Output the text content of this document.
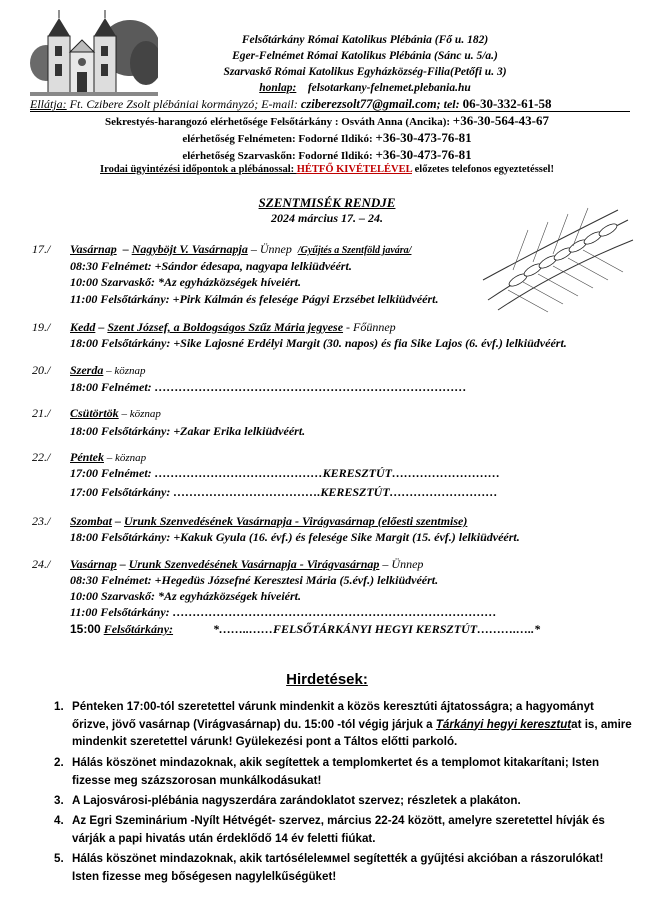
Felsőtárkány Római Katolikus Plébánia (Fő u. 182)
Eger-Felnémet Római Katolikus Plébánia (Sánc u. 5/a.)
Szarvaskő Római Katolikus Egyházközség-Filia(Petőfi u. 3)
honlap: felsotarkany-felnemet.plebania.hu
Ellátja: Ft. Czibere Zsolt plébániai kormányzó; E-mail: cziberezsolt77@gmail.com; tel: 06-30-332-61-58
Sekrestyés-harangozó elérhetősége Felsőtárkány : Osváth Anna (Ancika): +36-30-564-43-67
elérhetőség Felnémeten: Fodorné Ildikó: +36-30-473-76-81
elérhetőség Szarvaskőn: Fodorné Ildikó: +36-30-473-76-81
Irodai ügyintézési időpontok a plébánossal: HÉTFŐ KIVÉTELÉVEL előzetes telefonos egyeztetéssel!
SZENTMISÉK RENDJE
2024 március 17. – 24.
17./ Vasárnap – Nagyböjt V. Vasárnapja – Ünnep /Gyűjtés a Szentföld javára/
08:30 Felnémet: +Sándor édesapa, nagyapa lelkiüdvéért.
10:00 Szarvaskő: *Az egyházközségek híveiért.
11:00 Felsőtárkány: +Pirk Kálmán és felesége Págyi Erzsébet lelkiüdvéért.
19./ Kedd – Szent József, a Boldogságos Szűz Mária jegyese - Főünnep
18:00 Felsőtárkány: +Sike Lajosné Erdélyi Margit (30. napos) és fia Sike Lajos (6. évf.) lelkiüdvéért.
20./ Szerda – köznap
18:00 Felnémet: ……………………………………………………………………
21./ Csütörtök – köznap
18:00 Felsőtárkány: +Zakar Erika lelkiüdvéért.
22./ Péntek – köznap
17:00 Felnémet: ……………………………………KERESZTÚT………………………
17:00 Felsőtárkány: ……………………………….KERESZTÚT………………………
23./ Szombat – Urunk Szenvedésének Vasárnapja - Virágvasárnap (előesti szentmise)
18:00 Felsőtárkány: +Kakuk Gyula (16. évf.) és felesége Sike Margit (15. évf.) lelkiüdvéért.
24./ Vasárnap – Urunk Szenvedésének Vasárnapja - Virágvasárnap – Ünnep
08:30 Felnémet: +Hegedüs Józsefné Keresztesi Mária (5.évf.) lelkiüdvéért.
10:00 Szarvaskő: *Az egyházközségek híveiért.
11:00 Felsőtárkány: ………………………………………………………………………
15:00 Felsőtárkány:	*……..……FELSŐTÁRKÁNYI HEGYI KERSZTÚT……….…..*
Hirdetések:
1. Pénteken 17:00-tól szeretettel várunk mindenkit a közös keresztúti ájtatosságra; a hagyományt őrizve, jövő vasárnap (Virágvasárnap) du. 15:00 -tól végig járjuk a Tárkányi hegyi keresztutat is, amire mindenkit szeretettel várunk! Gyülekezési pont a Táltos előtti parkoló.
2. Hálás köszönet mindazoknak, akik segítettek a templomkertet és a templomot kitakarítani; Isten fizesse meg százszorosan munkálkodásukat!
3. A Lajosvárosi-plébánia nagyszerdára zarándoklatot szervez; részletek a plakáton.
4. Az Egri Szeminárium -Nyílt Hétvégét- szervez, március 22-24 között, amelyre szeretettel hívják és várják a papi hivatás után érdeklődő 14 év feletti fiúkat.
5. Hálás köszönet mindazoknak, akik tartóséleleммel segítették a gyűjtési akcióban a rászorulókat! Isten fizesse meg bőségesen nagylelkűségüket!
